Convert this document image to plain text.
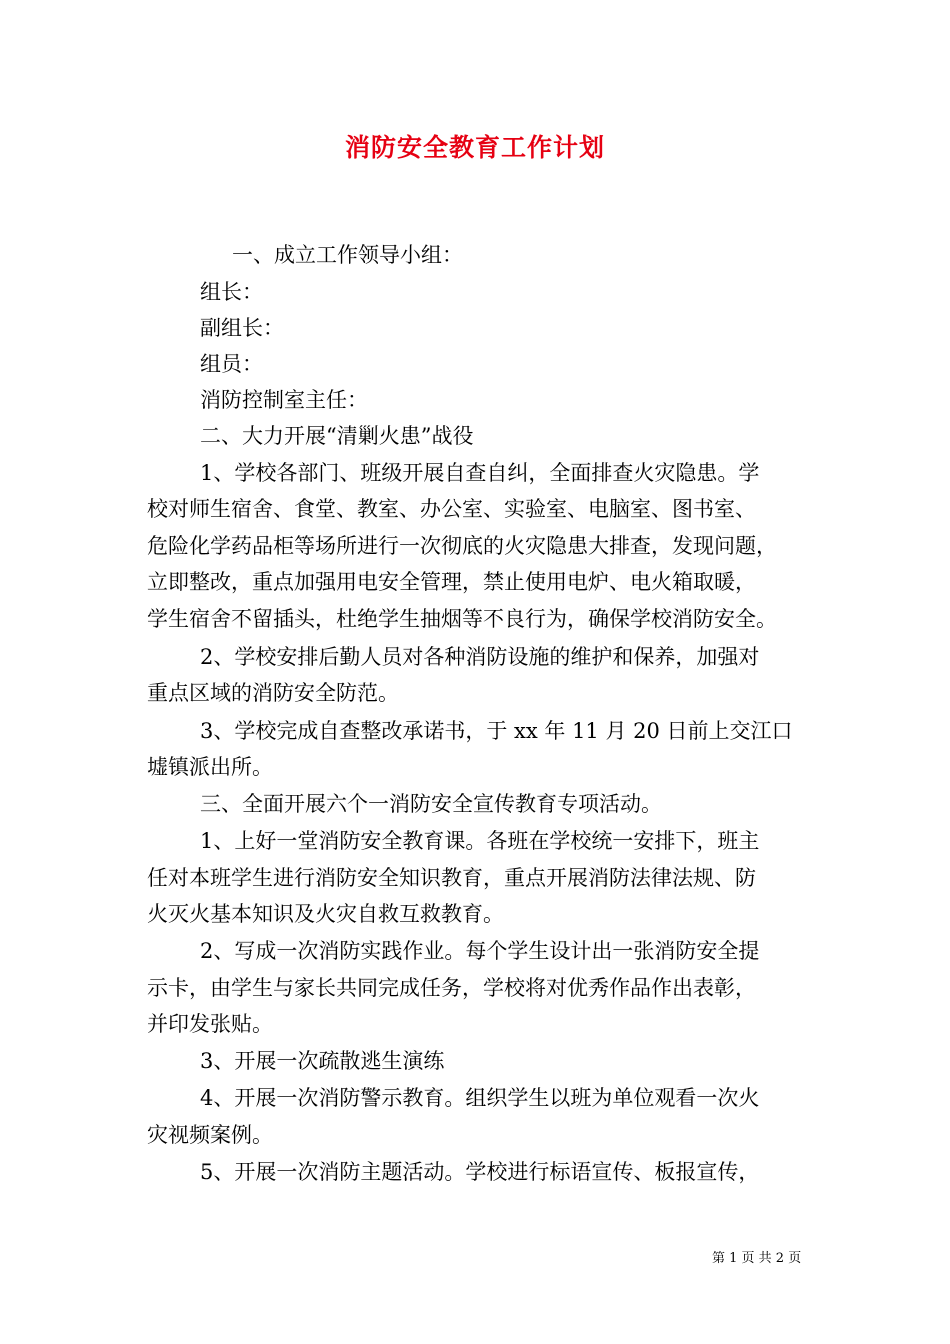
消防安全教育工作计划
一、成立工作领导小组：
组长：
副组长：
组员：
消防控制室主任：
二、大力开展“清剿火患”战役
1、学校各部门、班级开展自查自纠，全面排查火灾隐患。学
校对师生宿舍、食堂、教室、办公室、实验室、电脑室、图书室、
危险化学药品柜等场所进行一次彻底的火灾隐患大排查，发现问题，
立即整改，重点加强用电安全管理，禁止使用电炉、电火箱取暖，
学生宿舍不留插头，杜绝学生抽烟等不良行为，确保学校消防安全。
2、学校安排后勤人员对各种消防设施的维护和保养，加强对
重点区域的消防安全防范。
3、学校完成自查整改承诺书，于 xx 年 11 月 20 日前上交江口
墟镇派出所。
三、全面开展六个一消防安全宣传教育专项活动。
1、上好一堂消防安全教育课。各班在学校统一安排下，班主
任对本班学生进行消防安全知识教育，重点开展消防法律法规、防
火灭火基本知识及火灾自救互救教育。
2、写成一次消防实践作业。每个学生设计出一张消防安全提
示卡，由学生与家长共同完成任务，学校将对优秀作品作出表彰，
并印发张贴。
3、开展一次疏散逃生演练
4、开展一次消防警示教育。组织学生以班为单位观看一次火
灾视频案例。
5、开展一次消防主题活动。学校进行标语宣传、板报宣传，
第 1 页 共 2 页
